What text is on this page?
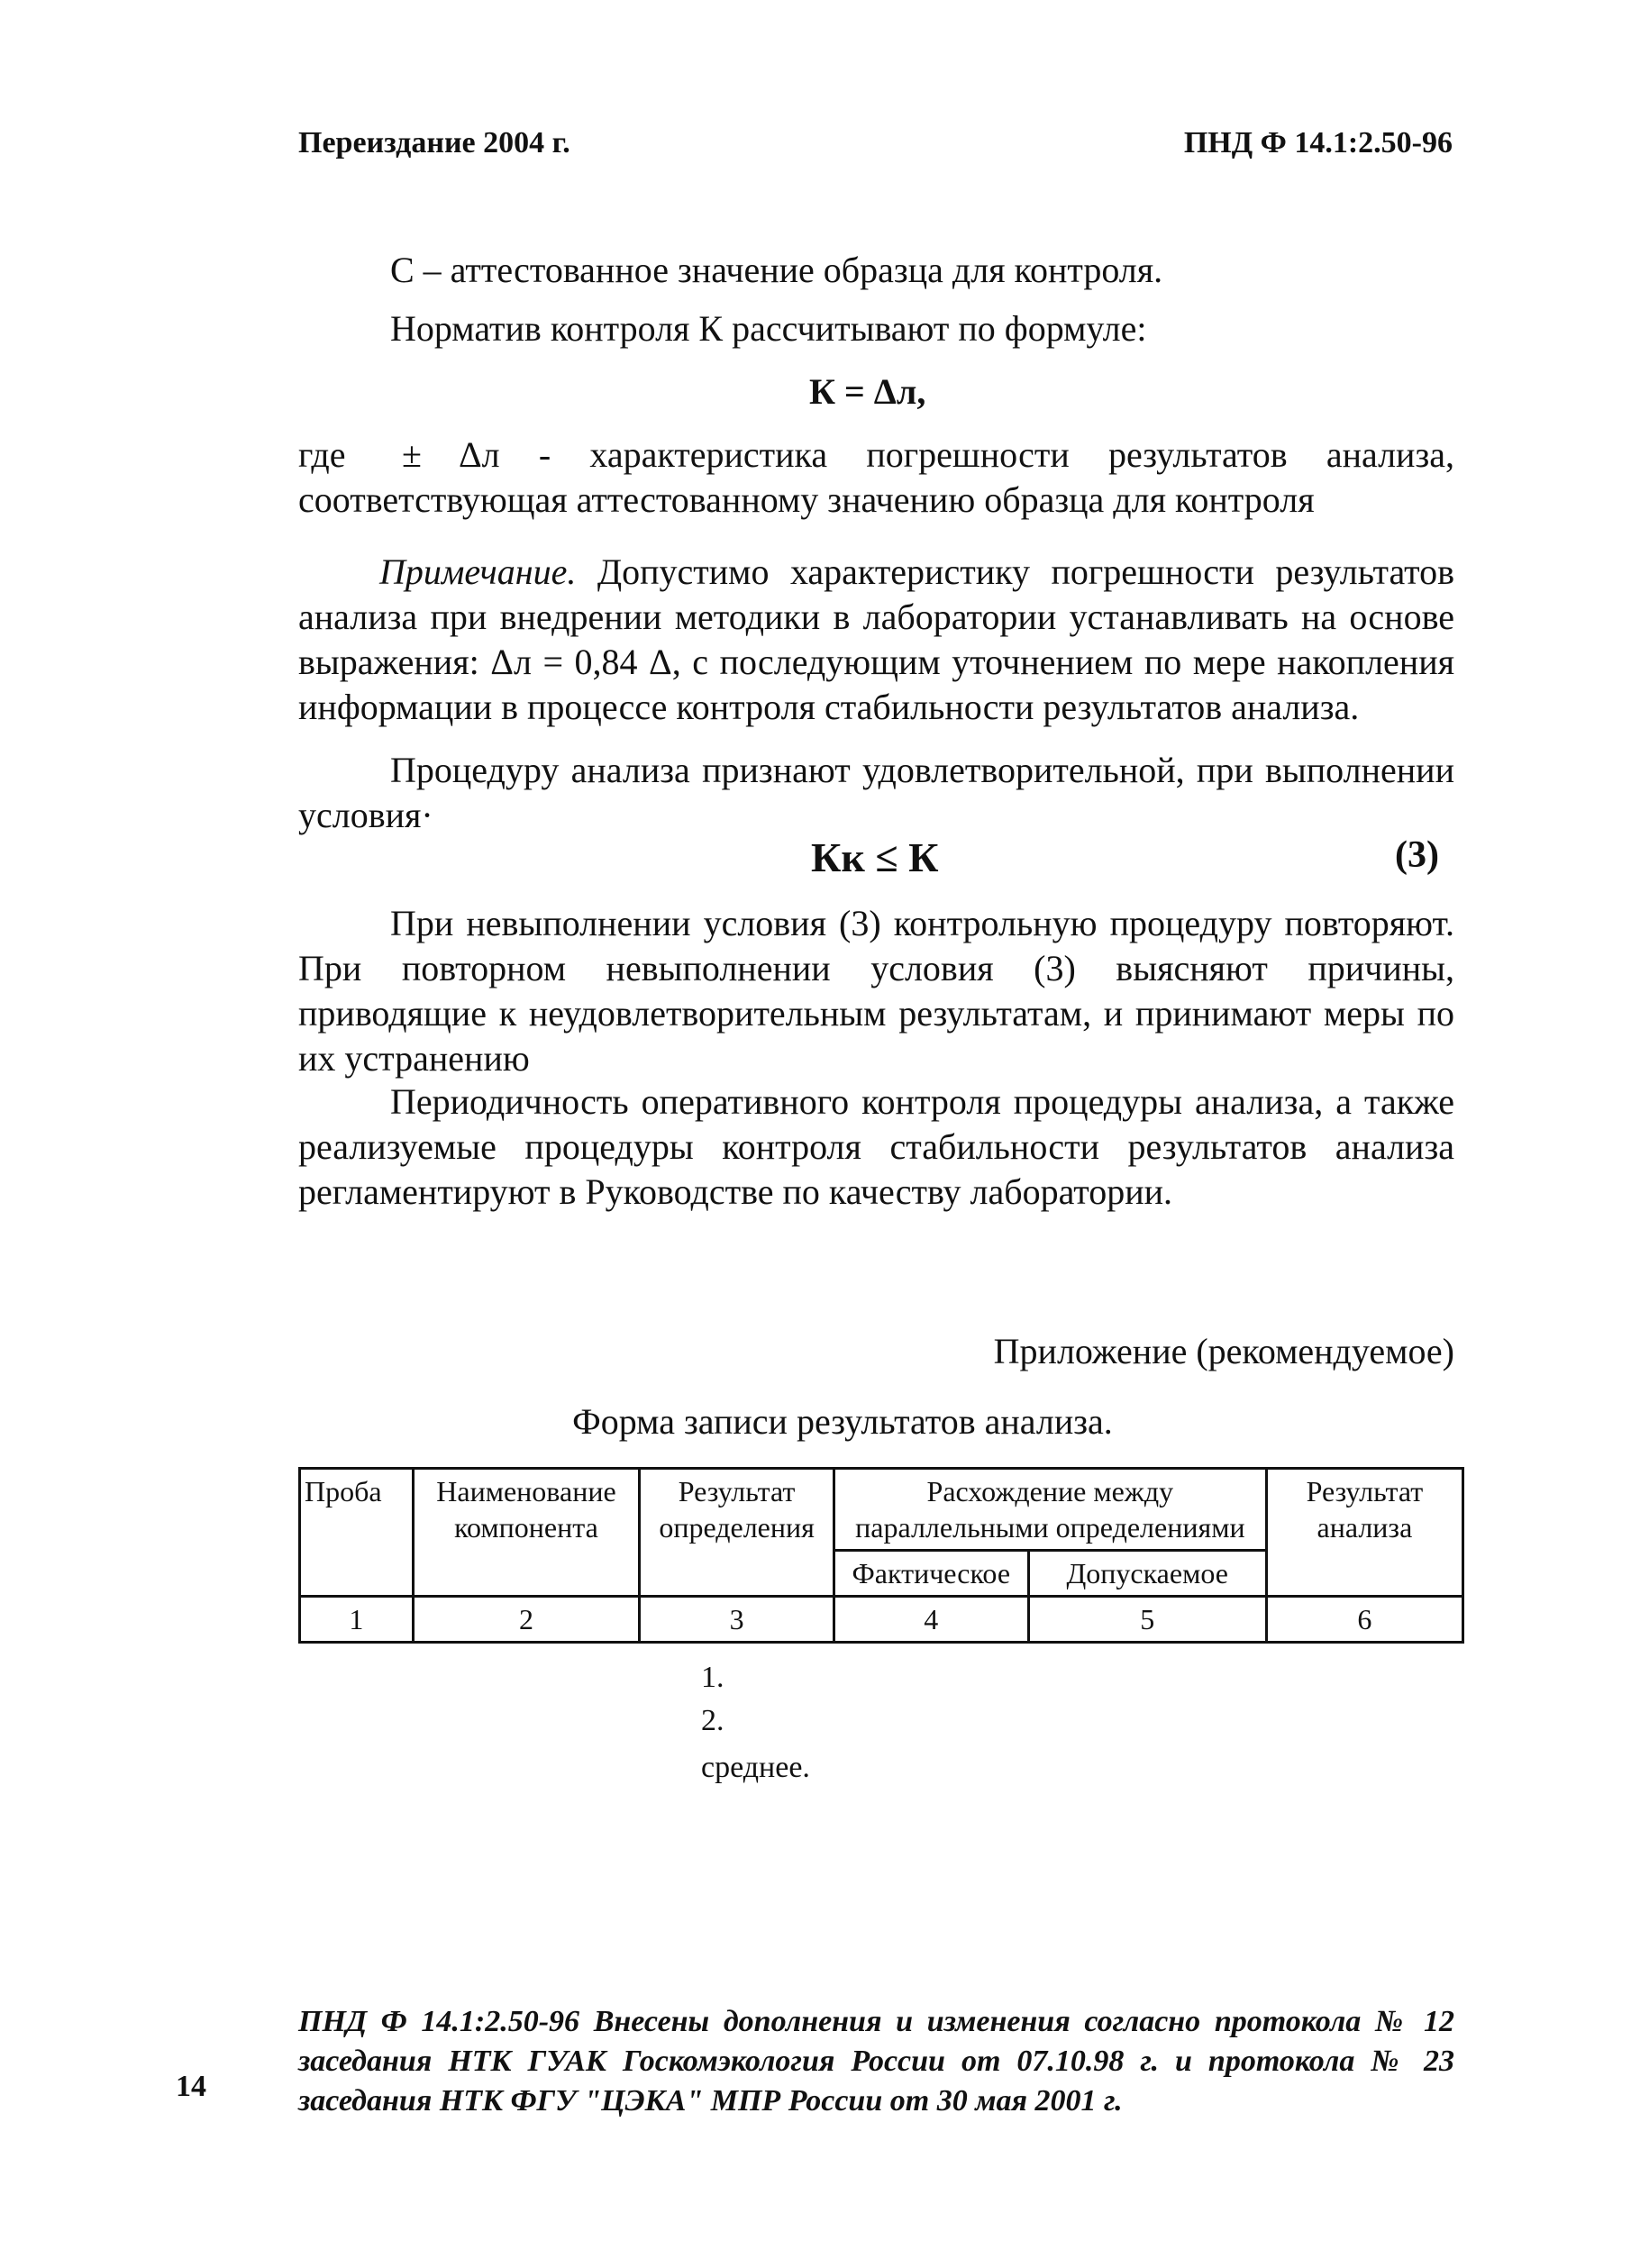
Переиздание 2004 г.	ПНД Ф 14.1:2.50-96
С – аттестованное значение образца для контроля.
Норматив контроля К рассчитывают по формуле:
К = Δл,
где	± Δл - характеристика погрешности результатов анализа, соответствующая аттестованному значению образца для контроля
Примечание. Допустимо характеристику погрешности результатов анализа при внедрении методики в лаборатории устанавливать на основе выражения: Δл = 0,84 Δ, с последующим уточнением по мере накопления информации в процессе контроля стабильности результатов анализа.
Процедуру анализа признают удовлетворительной, при выполнении условия·
Кк ≤ К	(3)
При невыполнении условия (3) контрольную процедуру повторяют. При повторном невыполнении условия (3) выясняют причины, приводящие к неудовлетворительным результатам, и принимают меры по их устранению
Периодичность оперативного контроля процедуры анализа, а также реализуемые процедуры контроля стабильности результатов анализа регламентируют в Руководстве по качеству лаборатории.
Приложение (рекомендуемое)
Форма записи результатов анализа.
Проба	Наименование компонента	Результат определения	Расхождение между параллельными определениями		Результат анализа
			Фактическое	Допускаемое	
1	2	3	4	5	6
1.
2.
среднее.
ПНД Ф 14.1:2.50-96 Внесены дополнения и изменения согласно протокола № 12 заседания НТК ГУАК Госкомэкология России от 07.10.98 г. и протокола № 23 заседания НТК ФГУ "ЦЭКА" МПР России от 30 мая 2001 г.
14
